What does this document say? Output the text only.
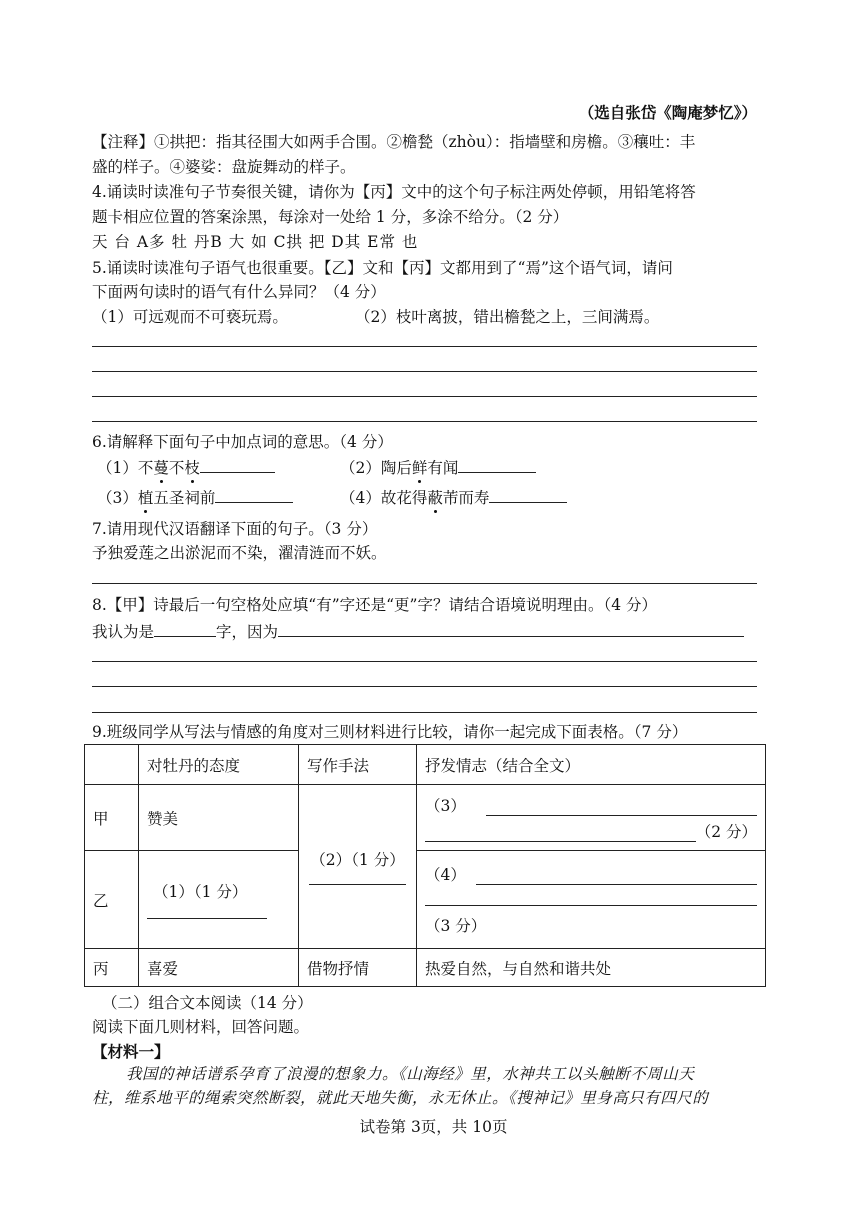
（选自张岱《陶庵梦忆》）
【注释】①拱把：指其径围大如两手合围。②檐甃（zhòu）：指墙壁和房檐。③穰吐：丰
盛的样子。④婆娑：盘旋舞动的样子。
4.诵读时读准句子节奏很关键，请你为【丙】文中的这个句子标注两处停顿，用铅笔将答
题卡相应位置的答案涂黑，每涂对一处给 1 分，多涂不给分。（2 分）
天 台 A多 牡 丹B 大 如 C拱 把 D其 E常 也
5.诵读时读准句子语气也很重要。【乙】文和【丙】文都用到了“焉”这个语气词，请问
下面两句读时的语气有什么异同？（4 分）
（1）可远观而不可亵玩焉。	（2）枝叶离披，错出檐甃之上，三间满焉。
6.请解释下面句子中加点词的意思。（4 分）
（1）不蔓不枝	（2）陶后鲜有闻
（3）植五圣祠前	（4）故花得蔽芾而寿
7.请用现代汉语翻译下面的句子。（3 分）
予独爱莲之出淤泥而不染，濯清涟而不妖。
8.【甲】诗最后一句空格处应填“有”字还是“更”字？请结合语境说明理由。（4 分）
我认为是	字，因为
9.班级同学从写法与情感的角度对三则材料进行比较，请你一起完成下面表格。（7 分）
	对牡丹的态度	写作手法	抒发情志（结合全文）
甲	赞美	（2）（1 分）	（3）
（2 分）

乙	（1）（1 分）		（4）
（3 分）

丙	喜爱	借物抒情	热爱自然，与自然和谐共处
（二）组合文本阅读（14 分）
阅读下面几则材料，回答问题。
【材料一】
我国的神话谱系孕育了浪漫的想象力。《山海经》里，水神共工以头触断不周山天
柱，维系地平的绳索突然断裂，就此天地失衡，永无休止。《搜神记》里身高只有四尺的
试卷第 3页，共 10页
